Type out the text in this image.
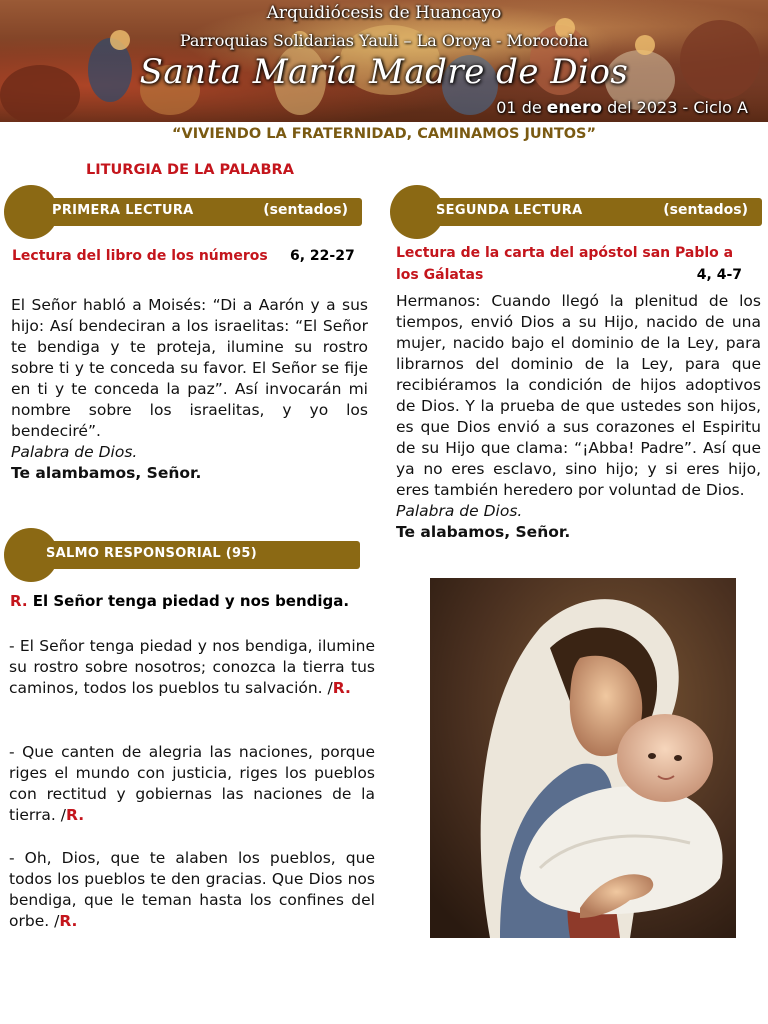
Arquidiócesis de Huancayo
Parroquias Solidarias Yauli – La Oroya - Morocoha
Santa María Madre de Dios
01 de enero del 2023 - Ciclo A
“VIVIENDO LA FRATERNIDAD, CAMINAMOS JUNTOS”
LITURGIA DE LA PALABRA
PRIMERA LECTURA	(sentados)
Lectura del libro de los números 6, 22-27

El Señor habló a Moisés: “Di a Aarón y a sus hijo: Así bendeciran a los israelitas: “El Señor te bendiga y te proteja, ilumine su rostro sobre ti y te conceda su favor. El Señor se fije en ti y te conceda la paz”. Así invocarán mi nombre sobre los israelitas, y yo los bendeciré”.

Palabra de Dios.

Te alambamos, Señor.

SEGUNDA LECTURA	(sentados)
Lectura de la carta del apóstol san Pablo a los Gálatas	4, 4-7

Hermanos: Cuando llegó la plenitud de los tiempos, envió Dios a su Hijo, nacido de una mujer, nacido bajo el dominio de la Ley, para librarnos del dominio de la Ley, para que recibiéramos la condición de hijos adoptivos de Dios. Y la prueba de que ustedes son hijos, es que Dios envió a sus corazones el Espiritu de su Hijo que clama: “¡Abba! Padre”. Así que ya no eres esclavo, sino hijo; y si eres hijo, eres también heredero por voluntad de Dios.

Palabra de Dios.

Te alabamos, Señor.

SALMO RESPONSORIAL (95)
R. El Señor tenga piedad y nos bendiga.
- El Señor tenga piedad y nos bendiga, ilumine su rostro sobre nosotros; conozca la tierra tus caminos, todos los pueblos tu salvación. /R.
- Que canten de alegria las naciones, porque riges el mundo con justicia, riges los pueblos con rectitud y gobiernas las naciones de la tierra. /R.
- Oh, Dios, que te alaben los pueblos, que todos los pueblos te den gracias. Que Dios nos bendiga, que le teman hasta los confines del orbe. /R.
